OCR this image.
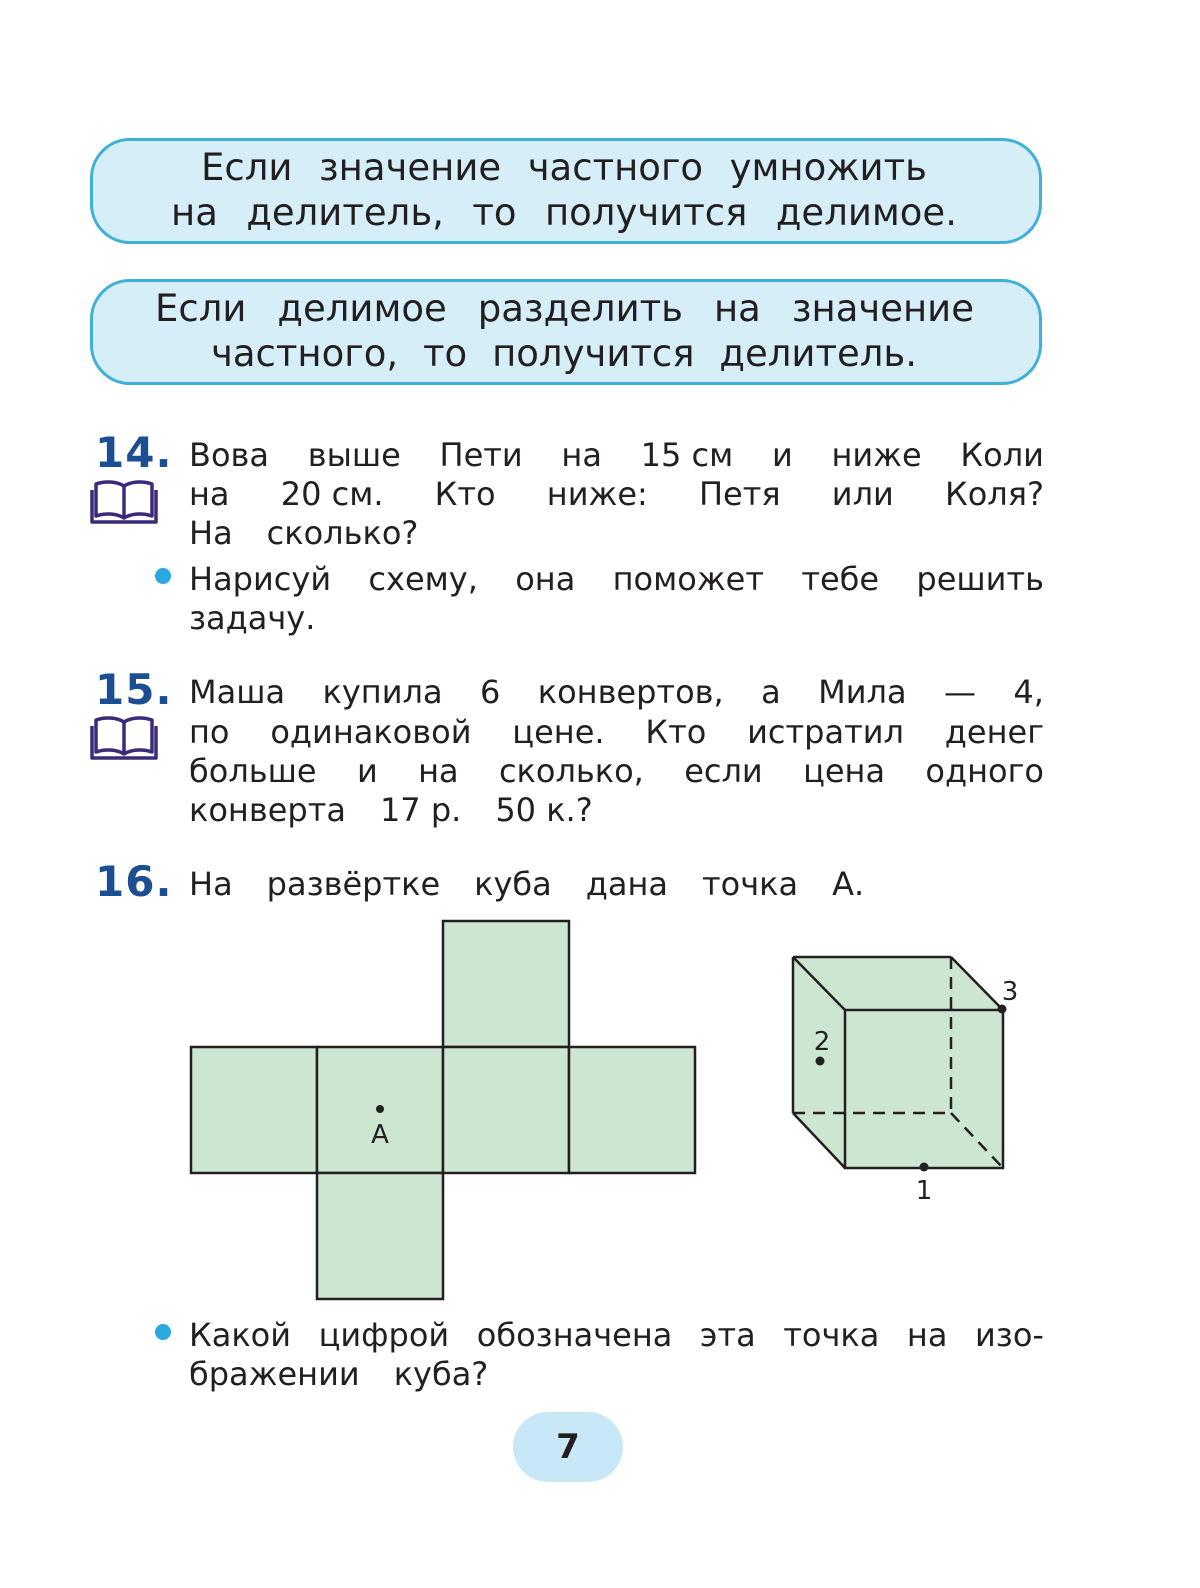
Если значение частного умножить
на делитель, то получится делимое.
Если делимое разделить на значение
частного, то получится делитель.
14. Вова выше Пети на 15 см и ниже Коли
на 20 см. Кто ниже: Петя или Коля?
На сколько?
Нарисуй схему, она поможет тебе решить
задачу.
15. Маша купила 6 конвертов, а Мила — 4,
по одинаковой цене. Кто истратил денег
больше и на сколько, если цена одного
конверта 17 р. 50 к.?
16. На развёртке куба дана точка А.
А
1
2
3
Какой цифрой обозначена эта точка на изо-
бражении куба?
7
